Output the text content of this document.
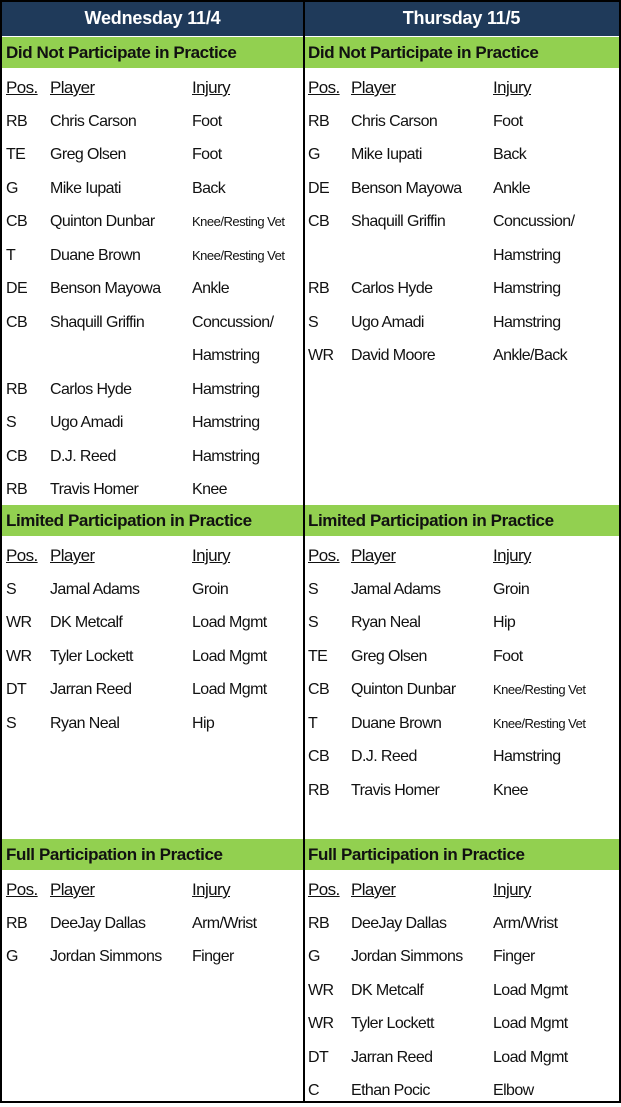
Wednesday 11/4
Did Not Participate in Practice
Pos. Player	Injury
RB Chris Carson	Foot
TE Greg Olsen	Foot
G Mike Iupati	Back
CB Quinton Dunbar	Knee/Resting Vet
T Duane Brown	Knee/Resting Vet
DE Benson Mayowa Ankle
CB Shaquill Griffin	Concussion/
Hamstring
RB Carlos Hyde	Hamstring
S Ugo Amadi	Hamstring
CB D.J. Reed	Hamstring
RB Travis Homer	Knee
Limited Participation in Practice
Pos. Player	Injury
S Jamal Adams	Groin
WR DK Metcalf	Load Mgmt
WR Tyler Lockett	Load Mgmt
DT Jarran Reed	Load Mgmt
S Ryan Neal	Hip
Full Participation in Practice
Pos. Player	Injury
RB DeeJay Dallas	Arm/Wrist
G Jordan Simmons Finger
Thursday 11/5
Did Not Participate in Practice
Pos. Player	Injury
RB Chris Carson	Foot
G Mike Iupati	Back
DE Benson Mayowa Ankle
CB Shaquill Griffin	Concussion/
Hamstring
RB Carlos Hyde	Hamstring
S Ugo Amadi	Hamstring
WR David Moore	Ankle/Back
Limited Participation in Practice
Pos. Player	Injury
S Jamal Adams	Groin
S Ryan Neal	Hip
TE Greg Olsen	Foot
CB Quinton Dunbar	Knee/Resting Vet
T Duane Brown	Knee/Resting Vet
CB D.J. Reed	Hamstring
RB Travis Homer	Knee
Full Participation in Practice
Pos. Player	Injury
RB DeeJay Dallas	Arm/Wrist
G Jordan Simmons Finger
WR DK Metcalf	Load Mgmt
WR Tyler Lockett	Load Mgmt
DT Jarran Reed	Load Mgmt
C Ethan Pocic	Elbow
